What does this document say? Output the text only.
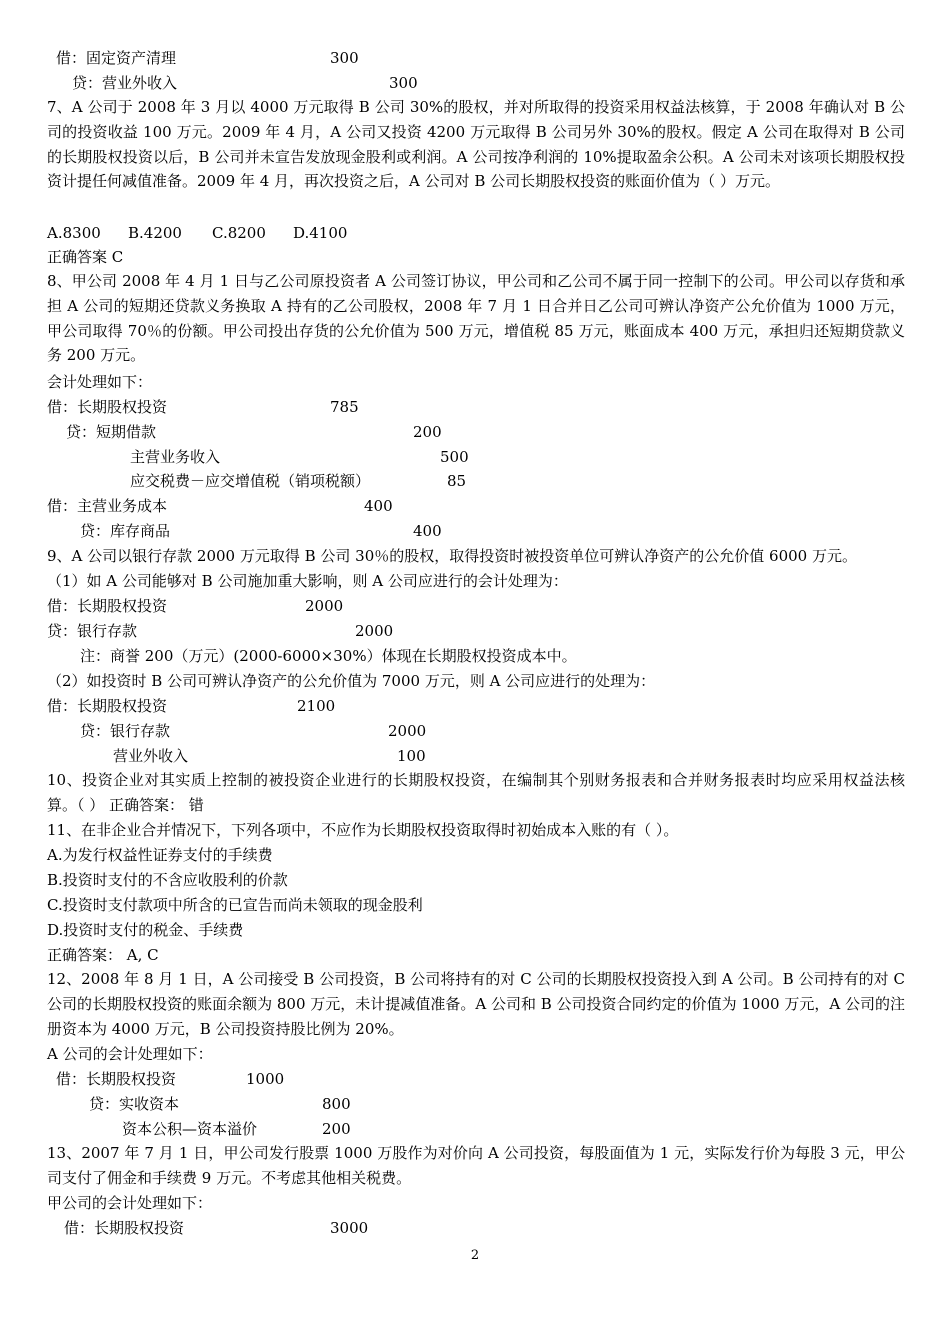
借：固定资产清理	300
贷：营业外收入	300
7、A 公司于 2008 年 3 月以 4000 万元取得 B 公司 30%的股权，并对所取得的投资采用权益法核算，于 2008 年确认对 B 公司的投资收益 100 万元。2009 年 4 月，A 公司又投资 4200 万元取得 B 公司另外 30%的股权。假定 A 公司在取得对 B 公司的长期股权投资以后，B 公司并未宣告发放现金股利或利润。A 公司按净利润的 10%提取盈余公积。A 公司未对该项长期股权投资计提任何减值准备。2009 年 4 月，再次投资之后，A 公司对 B 公司长期股权投资的账面价值为（ ）万元。
A.8300 B.4200 C.8200 D.4100
正确答案 C
8、甲公司 2008 年 4 月 1 日与乙公司原投资者 A 公司签订协议，甲公司和乙公司不属于同一控制下的公司。甲公司以存货和承担 A 公司的短期还贷款义务换取 A 持有的乙公司股权，2008 年 7 月 1 日合并日乙公司可辨认净资产公允价值为 1000 万元，甲公司取得 70％的份额。甲公司投出存货的公允价值为 500 万元，增值税 85 万元，账面成本 400 万元，承担归还短期贷款义务 200 万元。
会计处理如下：
借：长期股权投资	785
贷：短期借款	200
主营业务收入	500
应交税费－应交增值税（销项税额）	85
借：主营业务成本	400
贷：库存商品	400
9、A 公司以银行存款 2000 万元取得 B 公司 30％的股权，取得投资时被投资单位可辨认净资产的公允价值 6000 万元。
（1）如 A 公司能够对 B 公司施加重大影响，则 A 公司应进行的会计处理为：
借：长期股权投资	2000
贷：银行存款	2000
注：商誉 200（万元）(2000-6000×30%）体现在长期股权投资成本中。
（2）如投资时 B 公司可辨认净资产的公允价值为 7000 万元，则 A 公司应进行的处理为：
借：长期股权投资	2100
贷：银行存款	2000
营业外收入	100
10、投资企业对其实质上控制的被投资企业进行的长期股权投资，在编制其个别财务报表和合并财务报表时均应采用权益法核算。（ ） 正确答案： 错
11、在非企业合并情况下，下列各项中，不应作为长期股权投资取得时初始成本入账的有（ ）。
A.为发行权益性证券支付的手续费
B.投资时支付的不含应收股利的价款
C.投资时支付款项中所含的已宣告而尚未领取的现金股利
D.投资时支付的税金、手续费
正确答案： A, C
12、2008 年 8 月 1 日，A 公司接受 B 公司投资，B 公司将持有的对 C 公司的长期股权投资投入到 A 公司。B 公司持有的对 C 公司的长期股权投资的账面余额为 800 万元，未计提减值准备。A 公司和 B 公司投资合同约定的价值为 1000 万元，A 公司的注册资本为 4000 万元，B 公司投资持股比例为 20%。
A 公司的会计处理如下：
借：长期股权投资	1000
贷：实收资本	800
资本公积—资本溢价	200
13、2007 年 7 月 1 日，甲公司发行股票 1000 万股作为对价向 A 公司投资，每股面值为 1 元，实际发行价为每股 3 元，甲公司支付了佣金和手续费 9 万元。不考虑其他相关税费。
甲公司的会计处理如下：
借：长期股权投资	3000
2
